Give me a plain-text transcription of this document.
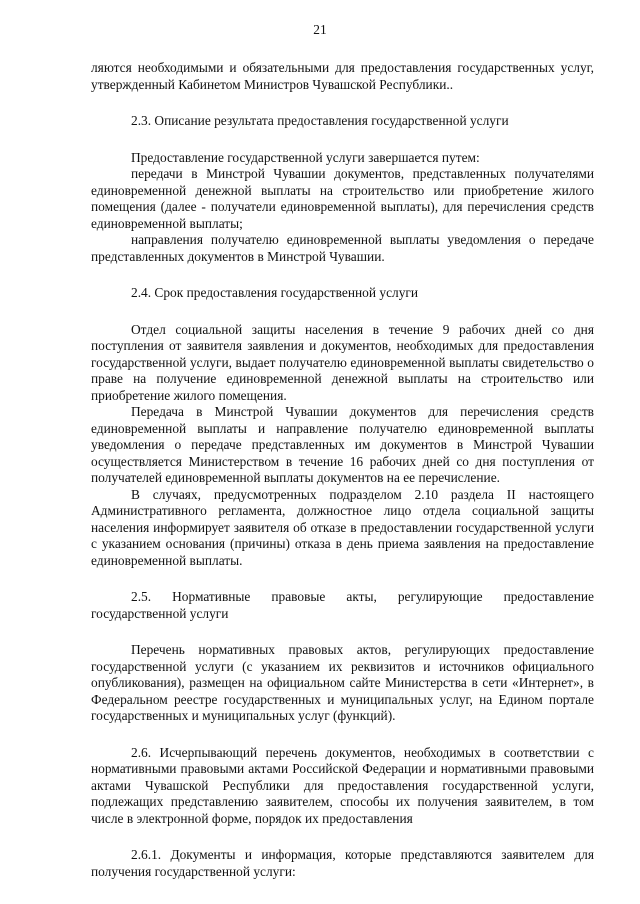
21

ляются необходимыми и обязательными для предоставления государственных услуг, утвержденный Кабинетом Министров Чувашской Республики..

2.3. Описание результата предоставления государственной услуги

Предоставление государственной услуги завершается путем:

передачи в Минстрой Чувашии документов, представленных получателями единовременной денежной выплаты на строительство или приобретение жилого помещения (далее - получатели единовременной выплаты), для перечисления средств единовременной выплаты;

направления получателю единовременной выплаты уведомления о передаче представленных документов в Минстрой Чувашии.

2.4. Срок предоставления государственной услуги

Отдел социальной защиты населения в течение 9 рабочих дней со дня поступления от заявителя заявления и документов, необходимых для предоставления государственной услуги, выдает получателю единовременной выплаты свидетельство о праве на получение единовременной денежной выплаты на строительство или приобретение жилого помещения.

Передача в Минстрой Чувашии документов для перечисления средств единовременной выплаты и направление получателю единовременной выплаты уведомления о передаче представленных им документов в Минстрой Чувашии осуществляется Министерством в течение 16 рабочих дней со дня поступления от получателей единовременной выплаты документов на ее перечисление.

В случаях, предусмотренных подразделом 2.10 раздела II настоящего Административного регламента, должностное лицо отдела социальной защиты населения информирует заявителя об отказе в предоставлении государственной услуги с указанием основания (причины) отказа в день приема заявления на предоставление единовременной выплаты.

2.5. Нормативные правовые акты, регулирующие предоставление государственной услуги

Перечень нормативных правовых актов, регулирующих предоставление государственной услуги (с указанием их реквизитов и источников официального опубликования), размещен на официальном сайте Министерства в сети «Интернет», в Федеральном реестре государственных и муниципальных услуг, на Едином портале государственных и муниципальных услуг (функций).

2.6. Исчерпывающий перечень документов, необходимых в соответствии с нормативными правовыми актами Российской Федерации и нормативными правовыми актами Чувашской Республики для предоставления государственной услуги, подлежащих представлению заявителем, способы их получения заявителем, в том числе в электронной форме, порядок их предоставления

2.6.1. Документы и информация, которые представляются заявителем для получения государственной услуги:
